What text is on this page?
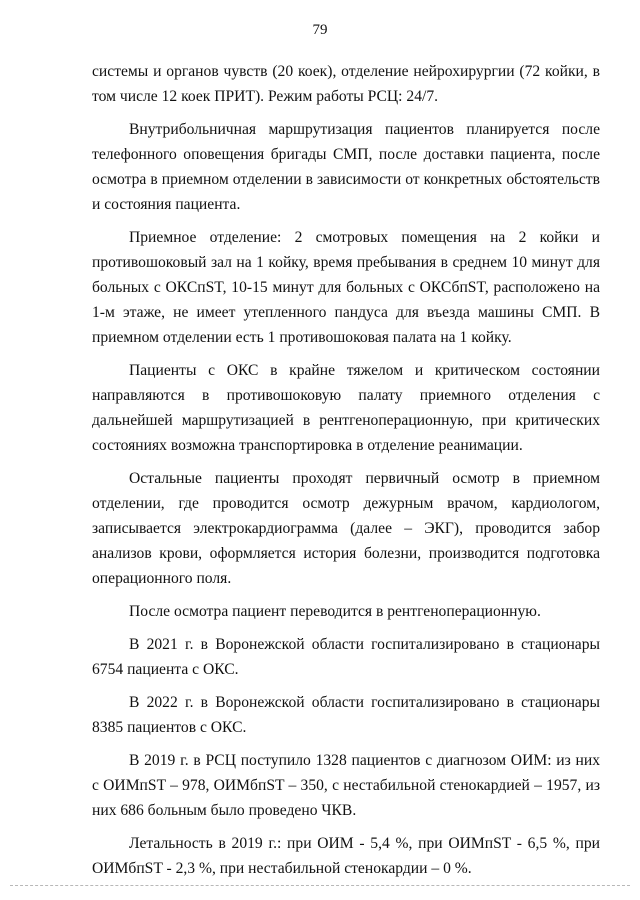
79

системы и органов чувств (20 коек), отделение нейрохирургии (72 койки, в том числе 12 коек ПРИТ). Режим работы РСЦ: 24/7.

Внутрибольничная маршрутизация пациентов планируется после телефонного оповещения бригады СМП, после доставки пациента, после осмотра в приемном отделении в зависимости от конкретных обстоятельств и состояния пациента.

Приемное отделение: 2 смотровых помещения на 2 койки и противошоковый зал на 1 койку, время пребывания в среднем 10 минут для больных с ОКСпST, 10-15 минут для больных с ОКСбпST, расположено на 1-м этаже, не имеет утепленного пандуса для въезда машины СМП. В приемном отделении есть 1 противошоковая палата на 1 койку.

Пациенты с ОКС в крайне тяжелом и критическом состоянии направляются в противошоковую палату приемного отделения с дальнейшей маршрутизацией в рентгеноперационную, при критических состояниях возможна транспортировка в отделение реанимации.

Остальные пациенты проходят первичный осмотр в приемном отделении, где проводится осмотр дежурным врачом, кардиологом, записывается электрокардиограмма (далее – ЭКГ), проводится забор анализов крови, оформляется история болезни, производится подготовка операционного поля.

После осмотра пациент переводится в рентгеноперационную.

В 2021 г. в Воронежской области госпитализировано в стационары 6754 пациента с ОКС.

В 2022 г. в Воронежской области госпитализировано в стационары 8385 пациентов с ОКС.

В 2019 г. в РСЦ поступило 1328 пациентов с диагнозом ОИМ: из них с ОИМпST – 978, ОИМбпST – 350, с нестабильной стенокардией – 1957, из них 686 больным было проведено ЧКВ.

Летальность в 2019 г.: при ОИМ - 5,4 %, при ОИМпST - 6,5 %, при ОИМбпST - 2,3 %, при нестабильной стенокардии – 0 %.
